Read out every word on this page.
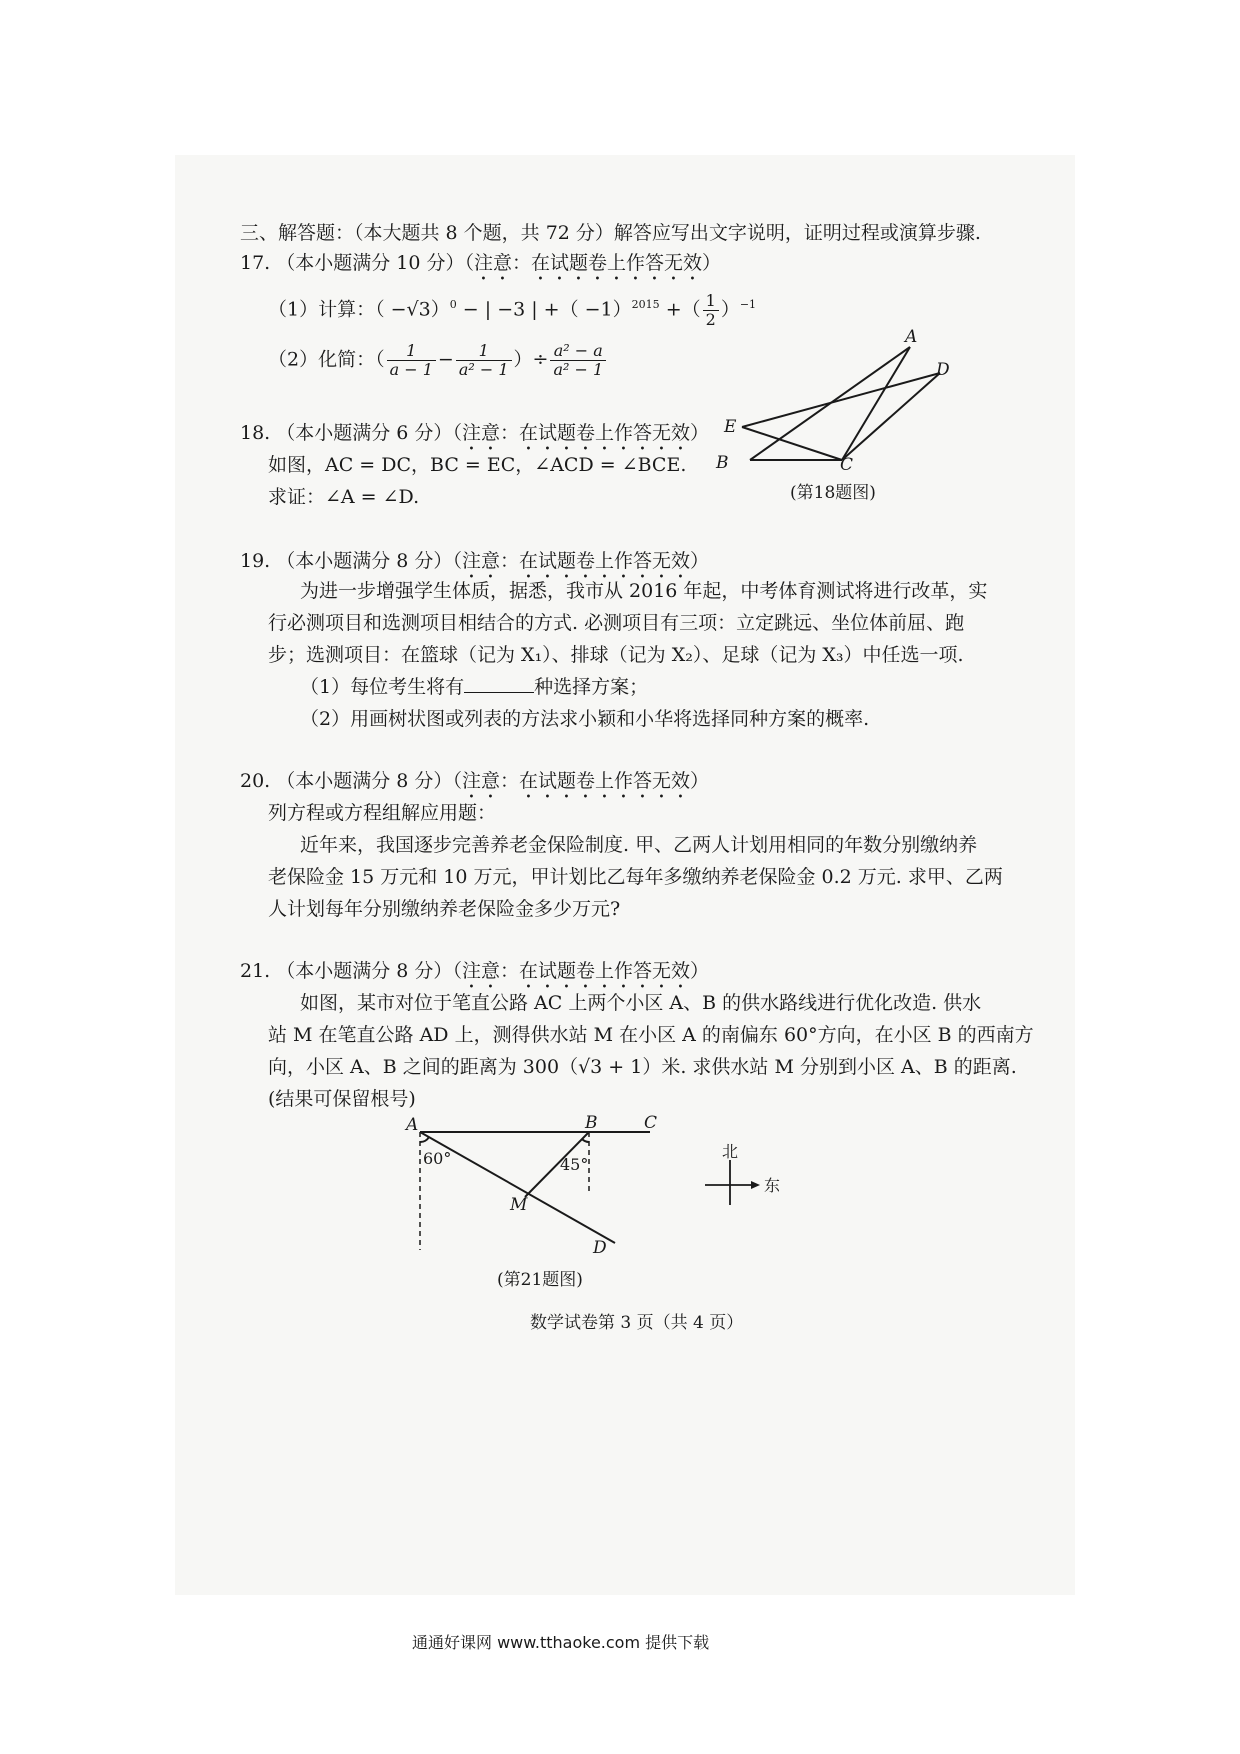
三、解答题：（本大题共 8 个题，共 72 分）解答应写出文字说明，证明过程或演算步骤.
17. （本小题满分 10 分）（注意：在试题卷上作答无效）
（1）计算：（ −√3）$^0$ − | −3 | +（ −1）$^{2015}$ +（ $\frac{1}{2} )^{-1}$
（2）化简：（ $\frac{1}{a - 1} - \frac{1}{\text{a² − 1}}$ ）÷ $\frac{\text{a² − a}}{\text{a² − 1}}$
18. （本小题满分 6 分）（注意：在试题卷上作答无效）
如图，AC = DC，BC = EC，∠ACD = ∠BCE.
求证：∠A = ∠D.
A
D
E
B	C
(第18题图)
19. （本小题满分 8 分）（注意：在试题卷上作答无效）
为进一步增强学生体质，据悉，我市从 2016 年起，中考体育测试将进行改革，实
行必测项目和选测项目相结合的方式. 必测项目有三项：立定跳远、坐位体前屈、跑
步；选测项目：在篮球（记为 X₁）、排球（记为 X₂）、足球（记为 X₃）中任选一项.
（1）每位考生将有	种选择方案；
（2）用画树状图或列表的方法求小颖和小华将选择同种方案的概率.
20. （本小题满分 8 分）（注意：在试题卷上作答无效）
列方程或方程组解应用题：
近年来，我国逐步完善养老金保险制度. 甲、乙两人计划用相同的年数分别缴纳养
老保险金 15 万元和 10 万元，甲计划比乙每年多缴纳养老保险金 0.2 万元. 求甲、乙两
人计划每年分别缴纳养老保险金多少万元?
21. （本小题满分 8 分）（注意：在试题卷上作答无效）
如图，某市对位于笔直公路 AC 上两个小区 A、B 的供水路线进行优化改造. 供水
站 M 在笔直公路 AD 上，测得供水站 M 在小区 A 的南偏东 60°方向，在小区 B 的西南方
向，小区 A、B 之间的距离为 300（√3 + 1）米. 求供水站 M 分别到小区 A、B 的距离.
(结果可保留根号)
A	B	C
M
D
60°	45°
(第21题图)
北
东
数学试卷第 3 页（共 4 页）
通通好课网 www.tthaoke.com 提供下载
